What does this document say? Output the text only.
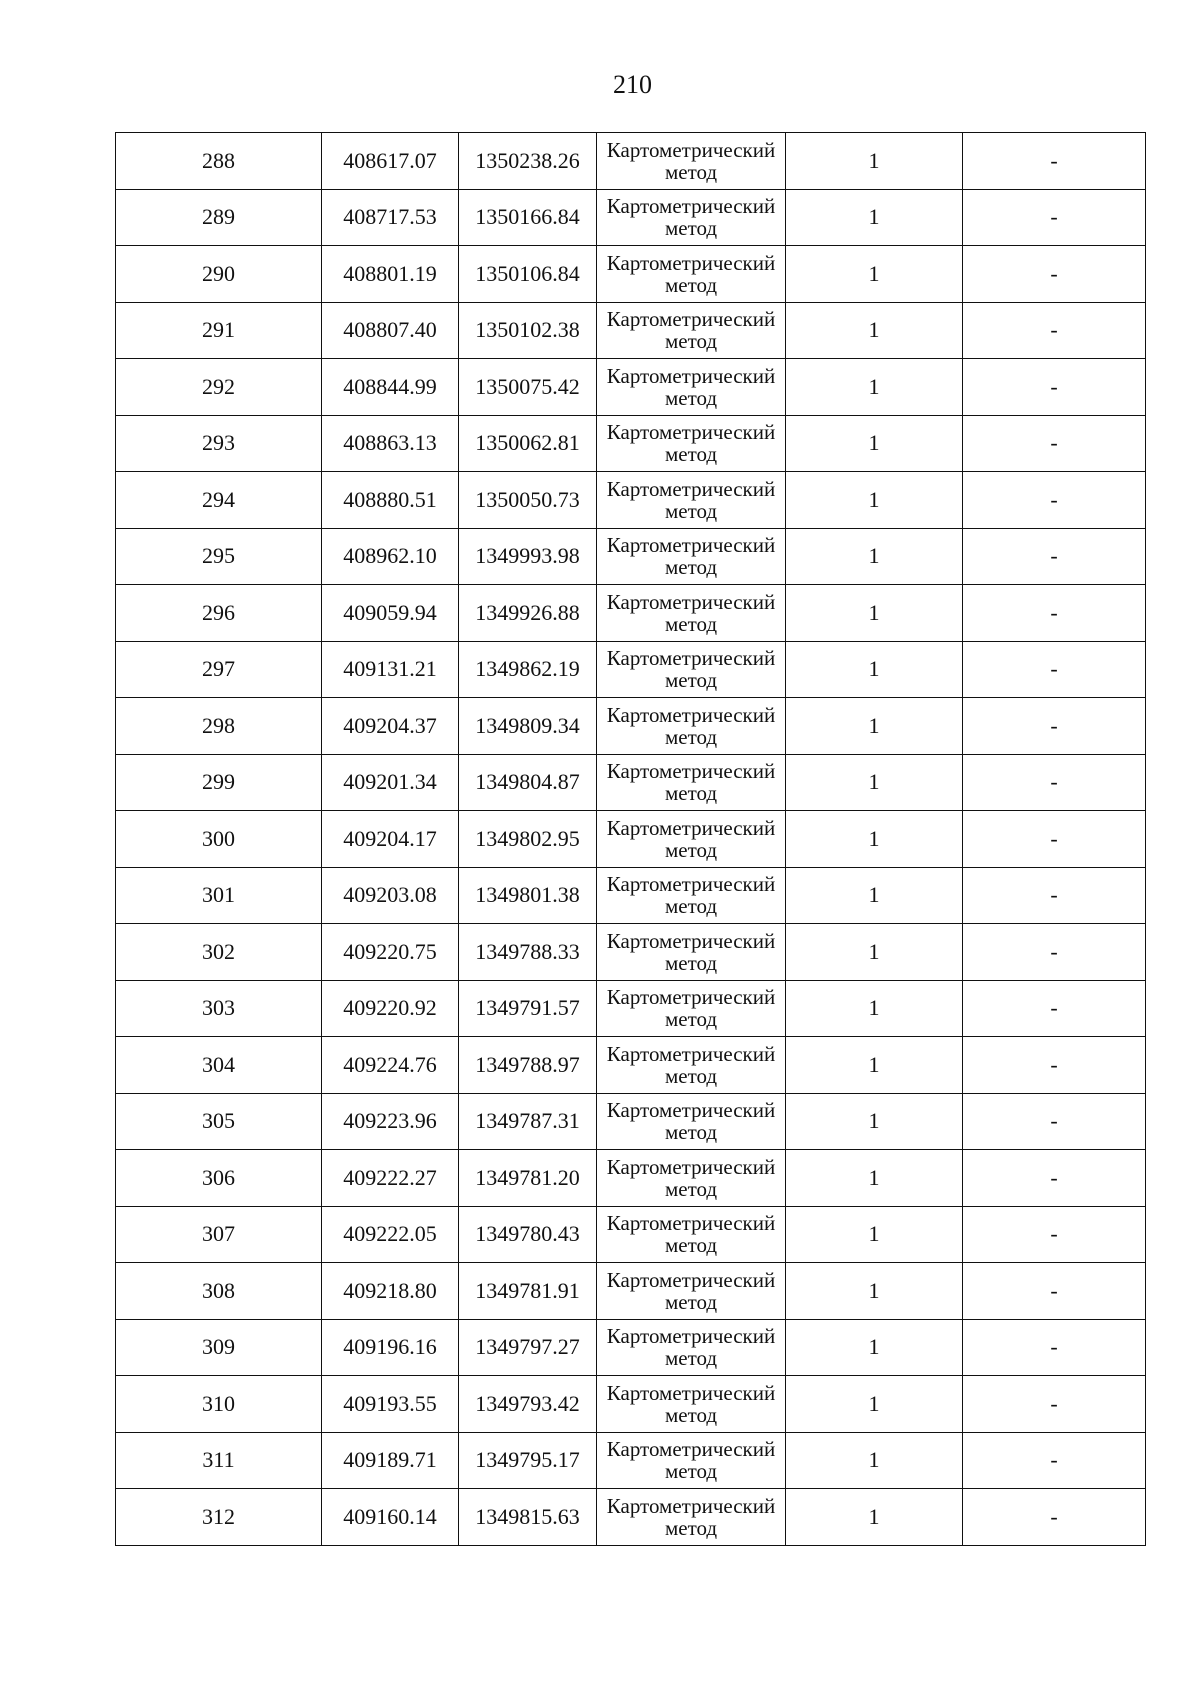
210
288	408617.07	1350238.26	Картометрический метод	1	-
289	408717.53	1350166.84	Картометрический метод	1	-
290	408801.19	1350106.84	Картометрический метод	1	-
291	408807.40	1350102.38	Картометрический метод	1	-
292	408844.99	1350075.42	Картометрический метод	1	-
293	408863.13	1350062.81	Картометрический метод	1	-
294	408880.51	1350050.73	Картометрический метод	1	-
295	408962.10	1349993.98	Картометрический метод	1	-
296	409059.94	1349926.88	Картометрический метод	1	-
297	409131.21	1349862.19	Картометрический метод	1	-
298	409204.37	1349809.34	Картометрический метод	1	-
299	409201.34	1349804.87	Картометрический метод	1	-
300	409204.17	1349802.95	Картометрический метод	1	-
301	409203.08	1349801.38	Картометрический метод	1	-
302	409220.75	1349788.33	Картометрический метод	1	-
303	409220.92	1349791.57	Картометрический метод	1	-
304	409224.76	1349788.97	Картометрический метод	1	-
305	409223.96	1349787.31	Картометрический метод	1	-
306	409222.27	1349781.20	Картометрический метод	1	-
307	409222.05	1349780.43	Картометрический метод	1	-
308	409218.80	1349781.91	Картометрический метод	1	-
309	409196.16	1349797.27	Картометрический метод	1	-
310	409193.55	1349793.42	Картометрический метод	1	-
311	409189.71	1349795.17	Картометрический метод	1	-
312	409160.14	1349815.63	Картометрический метод	1	-
